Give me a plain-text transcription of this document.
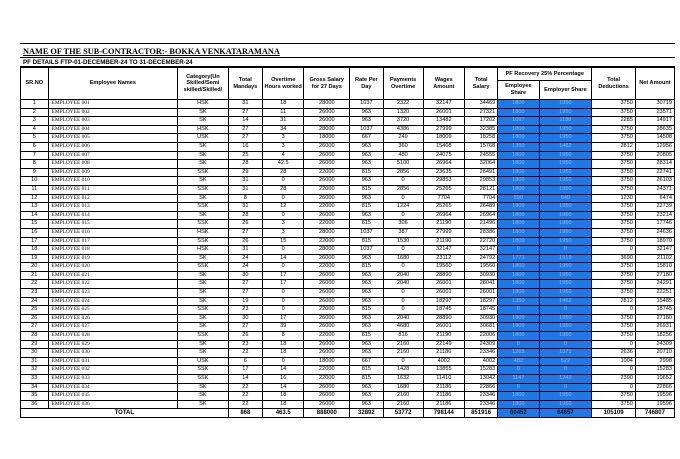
NAME OF THE SUB-CONTRACTOR:- BOKKA VENKATARAMANA
PF DETAILS FTP-01-DECEMBER-24 TO 31-DECEMBER-24
SR.NO	Employee Names	Category(Un Skilled/Semi skilled/Skilled/	Total Mandays	Overtime Hours worked	Gross Salary for 27 Days	Rate Per Day	Payments Overtime	Wages Amount	Total Salary	PF Recovery 25% Percentage		Total Deductions	Net Amount
										Employee Share	Employer Share		
1	EMPLOYEE 001	HSK	31	18	28000	1037	2322	32147	34469	1800	1950	3750	30719
2	EMPLOYEE 002	SK	27	11	26000	963	1320	26001	27321	1800	1950	3750	23571
3	EMPLOYEE 003	SK	14	31	26000	963	3720	13482	17202	1097	1188	2285	14917
4	EMPLOYEE 004	HSK	27	34	28000	1037	4386	27999	32385	1800	1950	3750	28635
5	EMPLOYEE 005	USK	27	3	18000	667	249	18009	18258	1800	1950	3750	14508
6	EMPLOYEE 006	SK	16	3	26000	963	360	15408	15768	1350	1462	2812	12956
7	EMPLOYEE 007	SK	25	4	26000	963	480	24075	24555	1800	1950	3750	20805
8	EMPLOYEE 008	SK	28	42.5	26000	963	5100	26964	32064	1800	1950	3750	28314
9	EMPLOYEE 009	SSK	29	28	22000	815	2856	23635	26491	1800	1950	3750	22741
10	EMPLOYEE 010	SK	31	0	26000	963	0	29853	29853	1800	1950	3750	26103
11	EMPLOYEE 011	SSK	31	28	22000	815	2856	25265	28121	1800	1950	3750	24371
12	EMPLOYEE 012	SK	8	0	26000	963	0	7704	7704	590	640	1230	6474
13	EMPLOYEE 013	SSK	31	12	22000	815	1224	25265	26489	1800	1950	3750	22739
14	EMPLOYEE 014	SK	28	0	26000	963	0	26964	26964	1800	1950	3750	23214
15	EMPLOYEE 015	SSK	26	3	22000	815	306	21190	21496	1800	1950	3750	17746
16	EMPLOYEE 016	HSK	27	3	28000	1037	387	27999	28386	1800	1950	3750	24636
17	EMPLOYEE 017	SSK	26	15	22000	815	1530	21190	22720	1800	1950	3750	18970
18	EMPLOYEE 018	HSK	31	0	28000	1037	0	32147	32147	0	0	0	32147
19	EMPLOYEE 019	SK	24	14	26000	963	1680	23112	24792	1771	1919	3690	21102
20	EMPLOYEE 020	SSK	24	0	22000	815	0	19560	19560	1800	1950	3750	15810
21	EMPLOYEE 021	SK	30	17	26000	963	2040	28890	30930	1800	1950	3750	27180
22	EMPLOYEE 022	SK	27	17	26000	963	2040	26001	28041	1800	1950	3750	24291
23	EMPLOYEE 023	SK	27	0	26000	963	0	26001	26001	1800	1950	3750	22251
24	EMPLOYEE 024	SK	19	0	26000	963	0	18297	18297	1350	1462	2812	15485
25	EMPLOYEE 025	SSK	23	0	22000	815	0	18745	18745	0	0	0	18745
26	EMPLOYEE 026	SK	30	17	26000	963	2040	28890	30930	1800	1950	3750	27180
27	EMPLOYEE 027	SK	27	39	26000	963	4680	26001	30681	1800	1950	3750	26931
28	EMPLOYEE 028	SSK	26	8	22000	815	816	21190	22006	1800	1950	3750	18256
29	EMPLOYEE 029	SK	23	18	26000	963	2160	22149	24309	0	0	0	24309
30	EMPLOYEE 030	SK	22	18	26000	963	2160	21186	23346	1265	1371	2636	20710
31	EMPLOYEE 031	USK	6	0	18000	667	0	4002	4002	482	522	1004	2998
32	EMPLOYEE 032	SSK	17	14	22000	815	1428	13855	15283	0	0	0	15283
33	EMPLOYEE 033	SSK	14	16	22000	815	1632	11410	13042	1147	1243	2390	10652
34	EMPLOYEE 034	SK	22	14	26000	963	1680	21186	22866	0	0	0	22866
35	EMPLOYEE 035	SK	22	18	26000	963	2160	21186	23346	1800	1950	3750	19596
36	EMPLOYEE 036	SK	22	18	26000	963	2160	21186	23346	1800	1950	3750	19596
TOTAL			868	463.5	888000	32892	53772	798144	851916	60452	64657	105109	746807
